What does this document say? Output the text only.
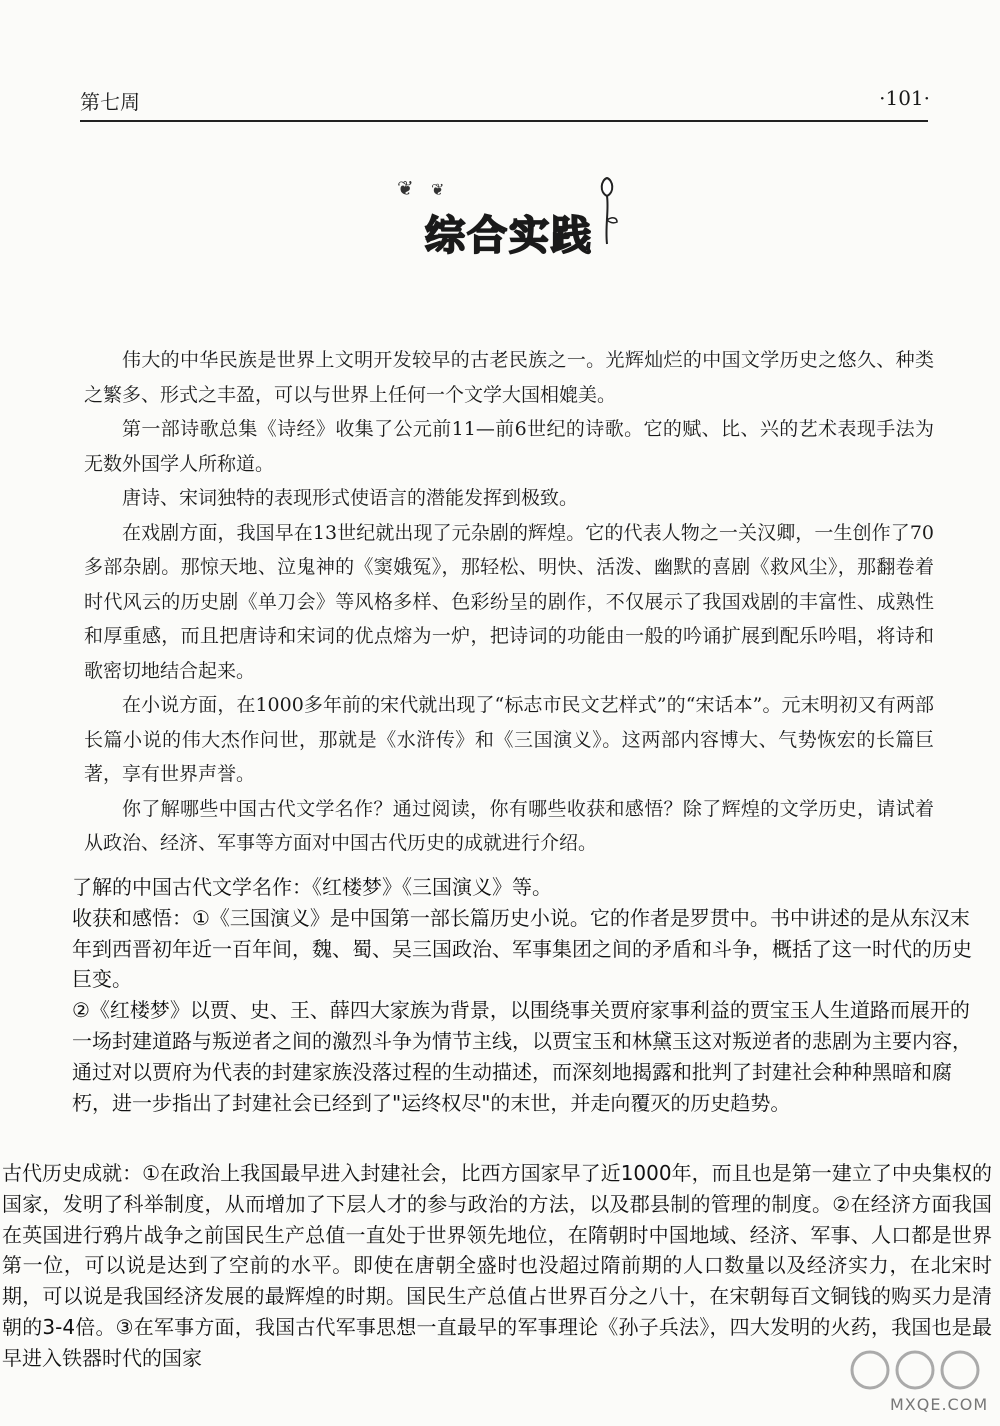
第七周	·101·
❦ ❦
综合实践

伟大的中华民族是世界上文明开发较早的古老民族之一。光辉灿烂的中国文学历史之悠久、种类之繁多、形式之丰盈，可以与世界上任何一个文学大国相媲美。

第一部诗歌总集《诗经》收集了公元前11—前6世纪的诗歌。它的赋、比、兴的艺术表现手法为无数外国学人所称道。

唐诗、宋词独特的表现形式使语言的潜能发挥到极致。

在戏剧方面，我国早在13世纪就出现了元杂剧的辉煌。它的代表人物之一关汉卿，一生创作了70多部杂剧。那惊天地、泣鬼神的《窦娥冤》，那轻松、明快、活泼、幽默的喜剧《救风尘》，那翻卷着时代风云的历史剧《单刀会》等风格多样、色彩纷呈的剧作，不仅展示了我国戏剧的丰富性、成熟性和厚重感，而且把唐诗和宋词的优点熔为一炉，把诗词的功能由一般的吟诵扩展到配乐吟唱，将诗和歌密切地结合起来。

在小说方面，在1000多年前的宋代就出现了“标志市民文艺样式”的“宋话本”。元末明初又有两部长篇小说的伟大杰作问世，那就是《水浒传》和《三国演义》。这两部内容博大、气势恢宏的长篇巨著，享有世界声誉。

你了解哪些中国古代文学名作？通过阅读，你有哪些收获和感悟？除了辉煌的文学历史，请试着从政治、经济、军事等方面对中国古代历史的成就进行介绍。

了解的中国古代文学名作：《红楼梦》《三国演义》等。

收获和感悟：①《三国演义》是中国第一部长篇历史小说。它的作者是罗贯中。书中讲述的是从东汉末年到西晋初年近一百年间，魏、蜀、吴三国政治、军事集团之间的矛盾和斗争，概括了这一时代的历史巨变。

②《红楼梦》以贾、史、王、薛四大家族为背景，以围绕事关贾府家事利益的贾宝玉人生道路而展开的一场封建道路与叛逆者之间的激烈斗争为情节主线，以贾宝玉和林黛玉这对叛逆者的悲剧为主要内容，通过对以贾府为代表的封建家族没落过程的生动描述，而深刻地揭露和批判了封建社会种种黑暗和腐朽，进一步指出了封建社会已经到了"运终权尽"的末世，并走向覆灭的历史趋势。

古代历史成就：①在政治上我国最早进入封建社会，比西方国家早了近1000年，而且也是第一建立了中央集权的国家，发明了科举制度，从而增加了下层人才的参与政治的方法，以及郡县制的管理的制度。②在经济方面我国在英国进行鸦片战争之前国民生产总值一直处于世界领先地位，在隋朝时中国地域、经济、军事、人口都是世界第一位，可以说是达到了空前的水平。即使在唐朝全盛时也没超过隋前期的人口数量以及经济实力，在北宋时期，可以说是我国经济发展的最辉煌的时期。国民生产总值占世界百分之八十，在宋朝每百文铜钱的购买力是清朝的3-4倍。③在军事方面，我国古代军事思想一直最早的军事理论《孙子兵法》，四大发明的火药，我国也是最早进入铁器时代的国家

MXQE.COM
